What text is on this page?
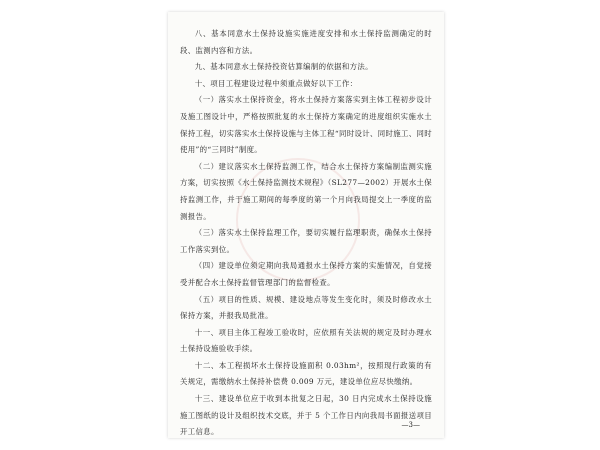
八、基本同意水土保持设施实施进度安排和水土保持监测确定的时段、监测内容和方法。

九、基本同意水土保持投资估算编制的依据和方法。

十、项目工程建设过程中须重点做好以下工作：

（一）落实水土保持资金，将水土保持方案落实到主体工程初步设计及施工图设计中，严格按照批复的水土保持方案确定的进度组织实施水土保持工程，切实落实水土保持设施与主体工程“同时设计、同时施工、同时使用”的“三同时”制度。

（二）建议落实水土保持监测工作，结合水土保持方案编制监测实施方案，切实按照《水土保持监测技术规程》（SL277—2002）开展水土保持监测工作，并于施工期间的每季度的第一个月向我局提交上一季度的监测报告。

（三）落实水土保持监理工作，要切实履行监理职责，确保水土保持工作落实到位。

（四）建设单位须定期向我局通报水土保持方案的实施情况，自觉接受并配合水土保持监督管理部门的监督检查。

（五）项目的性质、规模、建设地点等发生变化时，须及时修改水土保持方案，并报我局批准。

十一、项目主体工程竣工验收时，应依照有关法规的规定及时办理水土保持设施验收手续。

十二、本工程损坏水土保持设施面积 0.03hm²，按照现行政策的有关规定，需缴纳水土保持补偿费 0.009 万元，建设单位应尽快缴纳。

十三、建设单位应于收到本批复之日起，30 日内完成水土保持设施施工图纸的设计及组织技术交底，并于 5 个工作日内向我局书面报送项目开工信息。

—3—
